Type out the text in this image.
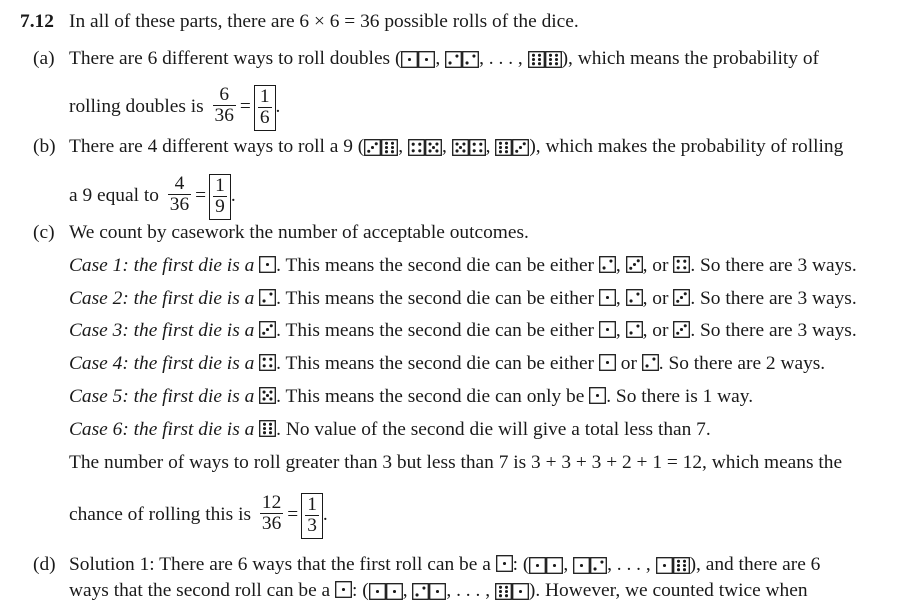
7.12 In all of these parts, there are 6 × 6 = 36 possible rolls of the dice.
(a) There are 6 different ways to roll doubles ( , , . . . , ), which means the probability of
rolling doubles is $\frac{6}{36} = \frac{1}{6}$ .
(b) There are 4 different ways to roll a 9 ( , , , ), which makes the probability of rolling
a 9 equal to $\frac{4}{36} = \frac{1}{9}$ .
(c) We count by casework the number of acceptable outcomes.
Case 1: the first die is a . This means the second die can be either , , or . So there are 3 ways.
Case 2: the first die is a . This means the second die can be either , , or . So there are 3 ways.
Case 3: the first die is a . This means the second die can be either , , or . So there are 3 ways.
Case 4: the first die is a . This means the second die can be either or . So there are 2 ways.
Case 5: the first die is a . This means the second die can only be . So there is 1 way.
Case 6: the first die is a . No value of the second die will give a total less than 7.
The number of ways to roll greater than 3 but less than 7 is 3 + 3 + 3 + 2 + 1 = 12, which means the
chance of rolling this is $\frac{12}{36} = \frac{1}{3}$ .
(d) Solution 1: There are 6 ways that the first roll can be a : ( , , . . . , ), and there are 6
ways that the second roll can be a : ( , , . . . , ). However, we counted twice when
